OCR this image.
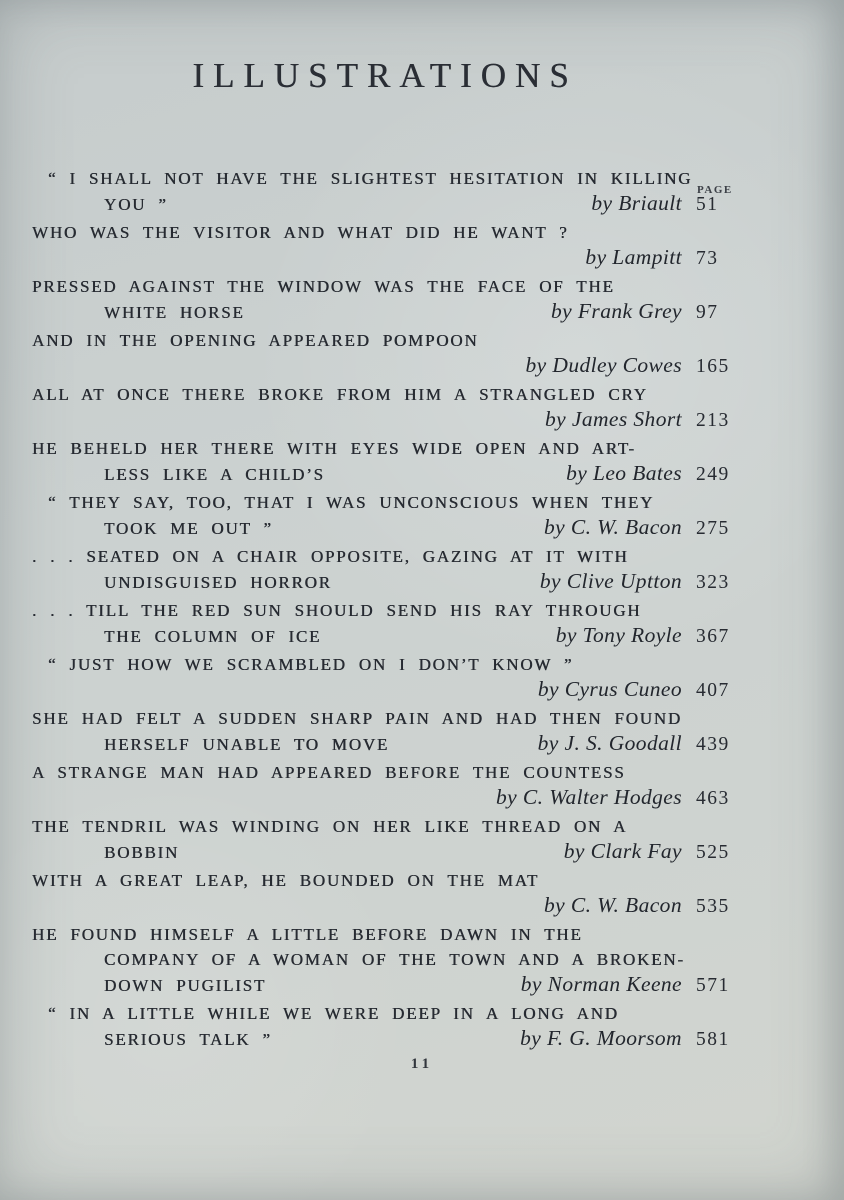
ILLUSTRATIONS
PAGE
“ I SHALL NOT HAVE THE SLIGHTEST HESITATION IN KILLING
YOU ”	by Briault 51
WHO WAS THE VISITOR AND WHAT DID HE WANT ?
by Lampitt 73
PRESSED AGAINST THE WINDOW WAS THE FACE OF THE
WHITE HORSE	by Frank Grey 97
AND IN THE OPENING APPEARED POMPOON
by Dudley Cowes 165
ALL AT ONCE THERE BROKE FROM HIM A STRANGLED CRY
by James Short 213
HE BEHELD HER THERE WITH EYES WIDE OPEN AND ART-
LESS LIKE A CHILD’S	by Leo Bates 249
“ THEY SAY, TOO, THAT I WAS UNCONSCIOUS WHEN THEY
TOOK ME OUT ”	by C. W. Bacon 275
. . . SEATED ON A CHAIR OPPOSITE, GAZING AT IT WITH
UNDISGUISED HORROR	by Clive Uptton 323
. . . TILL THE RED SUN SHOULD SEND HIS RAY THROUGH
THE COLUMN OF ICE	by Tony Royle 367
“ JUST HOW WE SCRAMBLED ON I DON’T KNOW ”
by Cyrus Cuneo 407
SHE HAD FELT A SUDDEN SHARP PAIN AND HAD THEN FOUND
HERSELF UNABLE TO MOVE	by J. S. Goodall 439
A STRANGE MAN HAD APPEARED BEFORE THE COUNTESS
by C. Walter Hodges 463
THE TENDRIL WAS WINDING ON HER LIKE THREAD ON A
BOBBIN	by Clark Fay 525
WITH A GREAT LEAP, HE BOUNDED ON THE MAT
by C. W. Bacon 535
HE FOUND HIMSELF A LITTLE BEFORE DAWN IN THE
COMPANY OF A WOMAN OF THE TOWN AND A BROKEN-
DOWN PUGILIST	by Norman Keene 571
“ IN A LITTLE WHILE WE WERE DEEP IN A LONG AND
SERIOUS TALK ”	by F. G. Moorsom 581
11
